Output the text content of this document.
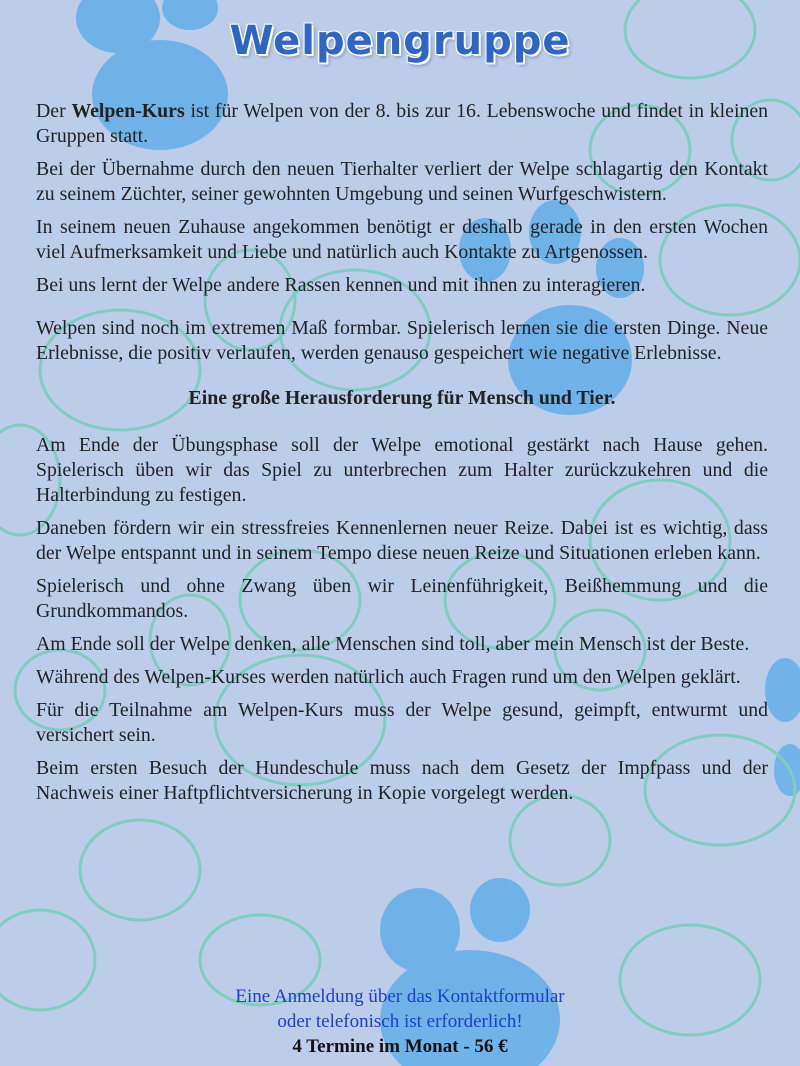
Welpengruppe

Der Welpen-Kurs ist für Welpen von der 8. bis zur 16. Lebenswoche und findet in kleinen Gruppen statt.

Bei der Übernahme durch den neuen Tierhalter verliert der Welpe schlagartig den Kontakt zu seinem Züchter, seiner gewohnten Umgebung und seinen Wurfgeschwistern.

In seinem neuen Zuhause angekommen benötigt er deshalb gerade in den ersten Wochen viel Aufmerksamkeit und Liebe und natürlich auch Kontakte zu Artgenossen.

Bei uns lernt der Welpe andere Rassen kennen und mit ihnen zu interagieren.

Welpen sind noch im extremen Maß formbar. Spielerisch lernen sie die ersten Dinge. Neue Erlebnisse, die positiv verlaufen, werden genauso gespeichert wie negative Erlebnisse.

Eine große Herausforderung für Mensch und Tier.

Am Ende der Übungsphase soll der Welpe emotional gestärkt nach Hause gehen. Spielerisch üben wir das Spiel zu unterbrechen zum Halter zurückzukehren und die Halterbindung zu festigen.

Daneben fördern wir ein stressfreies Kennenlernen neuer Reize. Dabei ist es wichtig, dass der Welpe entspannt und in seinem Tempo diese neuen Reize und Situationen erleben kann.

Spielerisch und ohne Zwang üben wir Leinenführigkeit, Beißhemmung und die Grundkommandos.

Am Ende soll der Welpe denken, alle Menschen sind toll, aber mein Mensch ist der Beste.

Während des Welpen-Kurses werden natürlich auch Fragen rund um den Welpen geklärt.

Für die Teilnahme am Welpen-Kurs muss der Welpe gesund, geimpft, entwurmt und versichert sein.

Beim ersten Besuch der Hundeschule muss nach dem Gesetz der Impfpass und der Nachweis einer Haftpflichtversicherung in Kopie vorgelegt werden.

Eine Anmeldung über das Kontaktformular
oder telefonisch ist erforderlich!
4 Termine im Monat - 56 €
